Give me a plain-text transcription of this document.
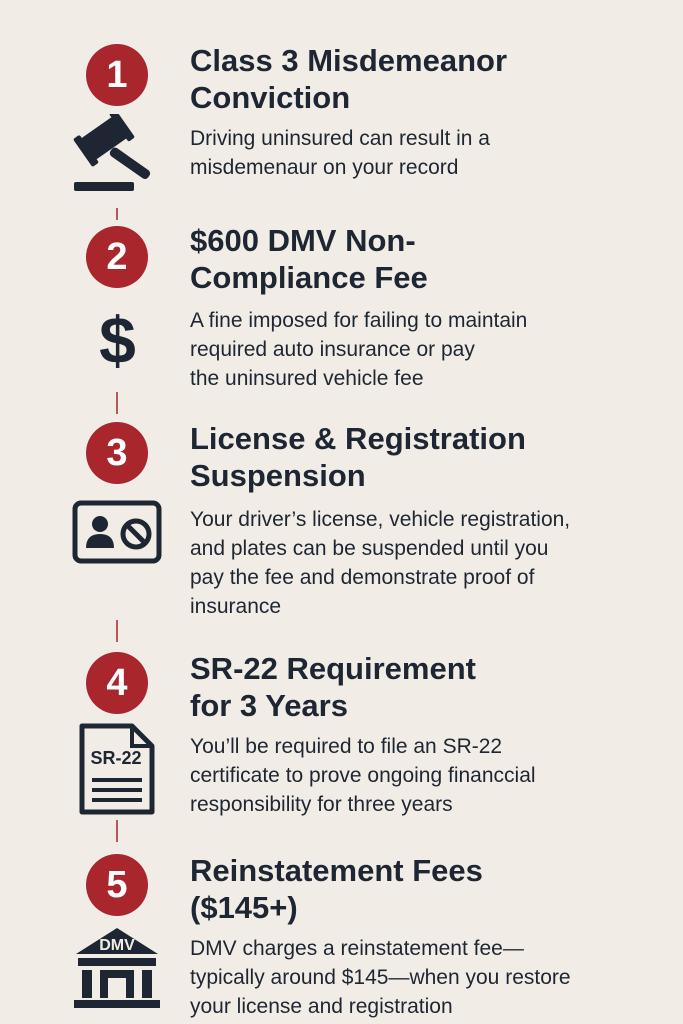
1	Class 3 Misdemeanor
Conviction
Driving uninsured can result in a
misdemenaur on your record
2	$600 DMV Non-
Compliance Fee
A fine imposed for failing to maintain
required auto insurance or pay
the uninsured vehicle fee
$
3	License & Registration
Suspension
Your driver’s license, vehicle registration,
and plates can be suspended until you
pay the fee and demonstrate proof of
insurance
4	SR-22 Requirement
for 3 Years
You’ll be required to file an SR-22
certificate to prove ongoing financcial
responsibility for three years
SR-22
5	Reinstatement Fees
($145+)
DMV charges a reinstatement fee—
typically around $145—when you restore
your license and registration
DMV
